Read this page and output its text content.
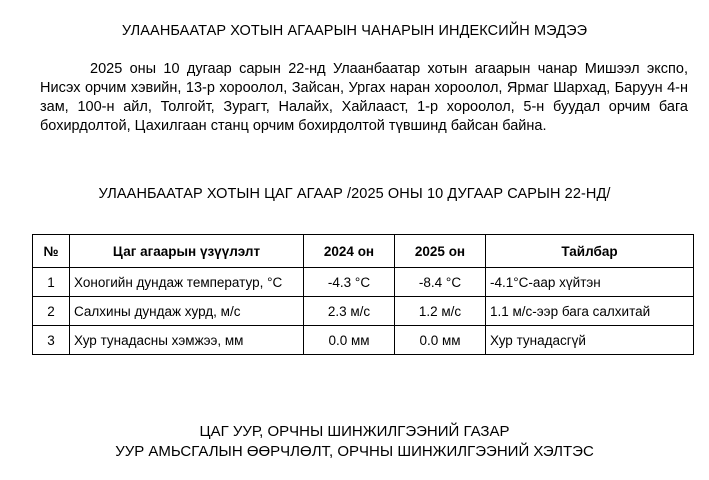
УЛААНБААТАР ХОТЫН АГААРЫН ЧАНАРЫН ИНДЕКСИЙН МЭДЭЭ

2025 оны 10 дугаар сарын 22-нд Улаанбаатар хотын агаарын чанар Мишээл экспо, Нисэх орчим хэвийн, 13-р хороолол, Зайсан, Ургах наран хороолол, Ярмаг Шархад, Баруун 4-н зам, 100-н айл, Толгойт, Зурагт, Налайх, Хайлааст, 1-р хороолол, 5-н буудал орчим бага бохирдолтой, Цахилгаан станц орчим бохирдолтой түвшинд байсан байна.

УЛААНБААТАР ХОТЫН ЦАГ АГААР /2025 ОНЫ 10 ДУГААР САРЫН 22-НД/
№	Цаг агаарын үзүүлэлт	2024 он	2025 он	Тайлбар
1	Хоногийн дундаж температур, °С	-4.3 °С	-8.4 °С	-4.1°С-аар хүйтэн
2	Салхины дундаж хурд, м/с	2.3 м/с	1.2 м/с	1.1 м/с-ээр бага салхитай
3	Хур тунадасны хэмжээ, мм	0.0 мм	0.0 мм	Хур тунадасгүй
ЦАГ УУР, ОРЧНЫ ШИНЖИЛГЭЭНИЙ ГАЗАР
УУР АМЬСГАЛЫН ӨӨРЧЛӨЛТ, ОРЧНЫ ШИНЖИЛГЭЭНИЙ ХЭЛТЭС
